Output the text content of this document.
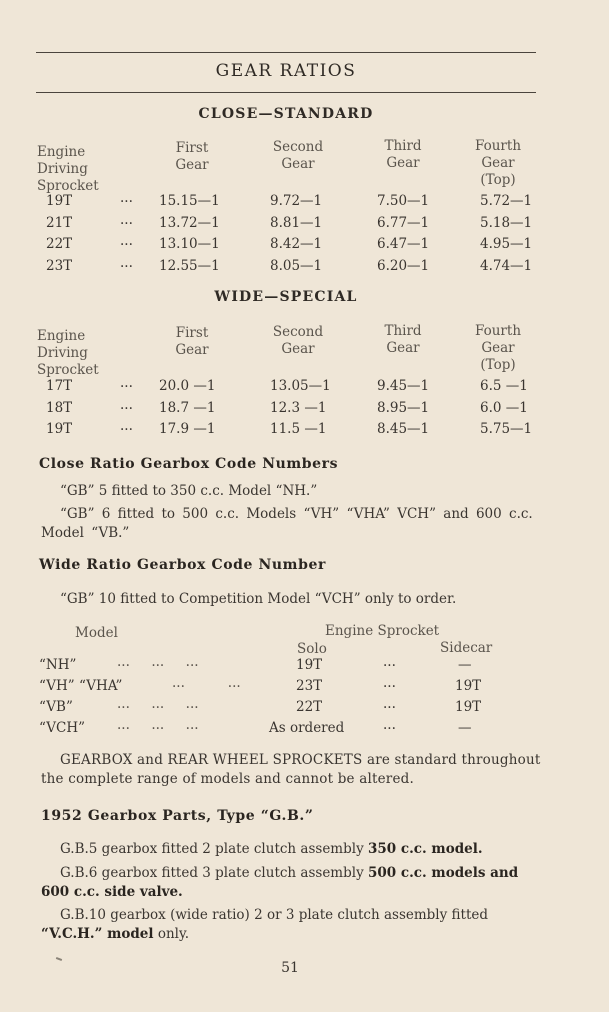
GEAR RATIOS
CLOSE—STANDARD
Engine Driving Sprocket
First Gear
Second Gear
Third Gear
Fourth Gear (Top)
19T	... 15.15—1	9.72—1	7.50—1	5.72—1
21T	... 13.72—1	8.81—1	6.77—1	5.18—1
22T	... 13.10—1	8.42—1	6.47—1	4.95—1
23T	... 12.55—1	8.05—1	6.20—1	4.74—1
WIDE—SPECIAL
Engine Driving Sprocket
First Gear
Second Gear
Third Gear
Fourth Gear (Top)
17T	... 20.0 —1	13.05—1	9.45—1	6.5 —1
18T	... 18.7 —1	12.3 —1	8.95—1	6.0 —1
19T	... 17.9 —1	11.5 —1	8.45—1	5.75—1
Close Ratio Gearbox Code Numbers
“GB” 5 fitted to 350 c.c. Model “NH.”
“GB” 6 fitted to 500 c.c. Models “VH” “VHA” VCH” and 600 c.c. Model “VB.”
Wide Ratio Gearbox Code Number
“GB” 10 fitted to Competition Model “VCH” only to order.
Model	Engine Sprocket
Solo	Sidecar
“NH”	...     ...     ...	19T	...	—
“VH” “VHA”	...          ...	23T	...	19T
“VB”	...     ...     ...	22T	...	19T
“VCH” ...     ...     ...	As ordered	...	—
GEARBOX and REAR WHEEL SPROCKETS are standard throughout the complete range of models and cannot be altered.
1952 Gearbox Parts, Type “G.B.”
G.B.5 gearbox fitted 2 plate clutch assembly 350 c.c. model.
G.B.6 gearbox fitted 3 plate clutch assembly 500 c.c. models and 600 c.c. side valve.
G.B.10 gearbox (wide ratio) 2 or 3 plate clutch assembly fitted “V.C.H.” model only.
51
